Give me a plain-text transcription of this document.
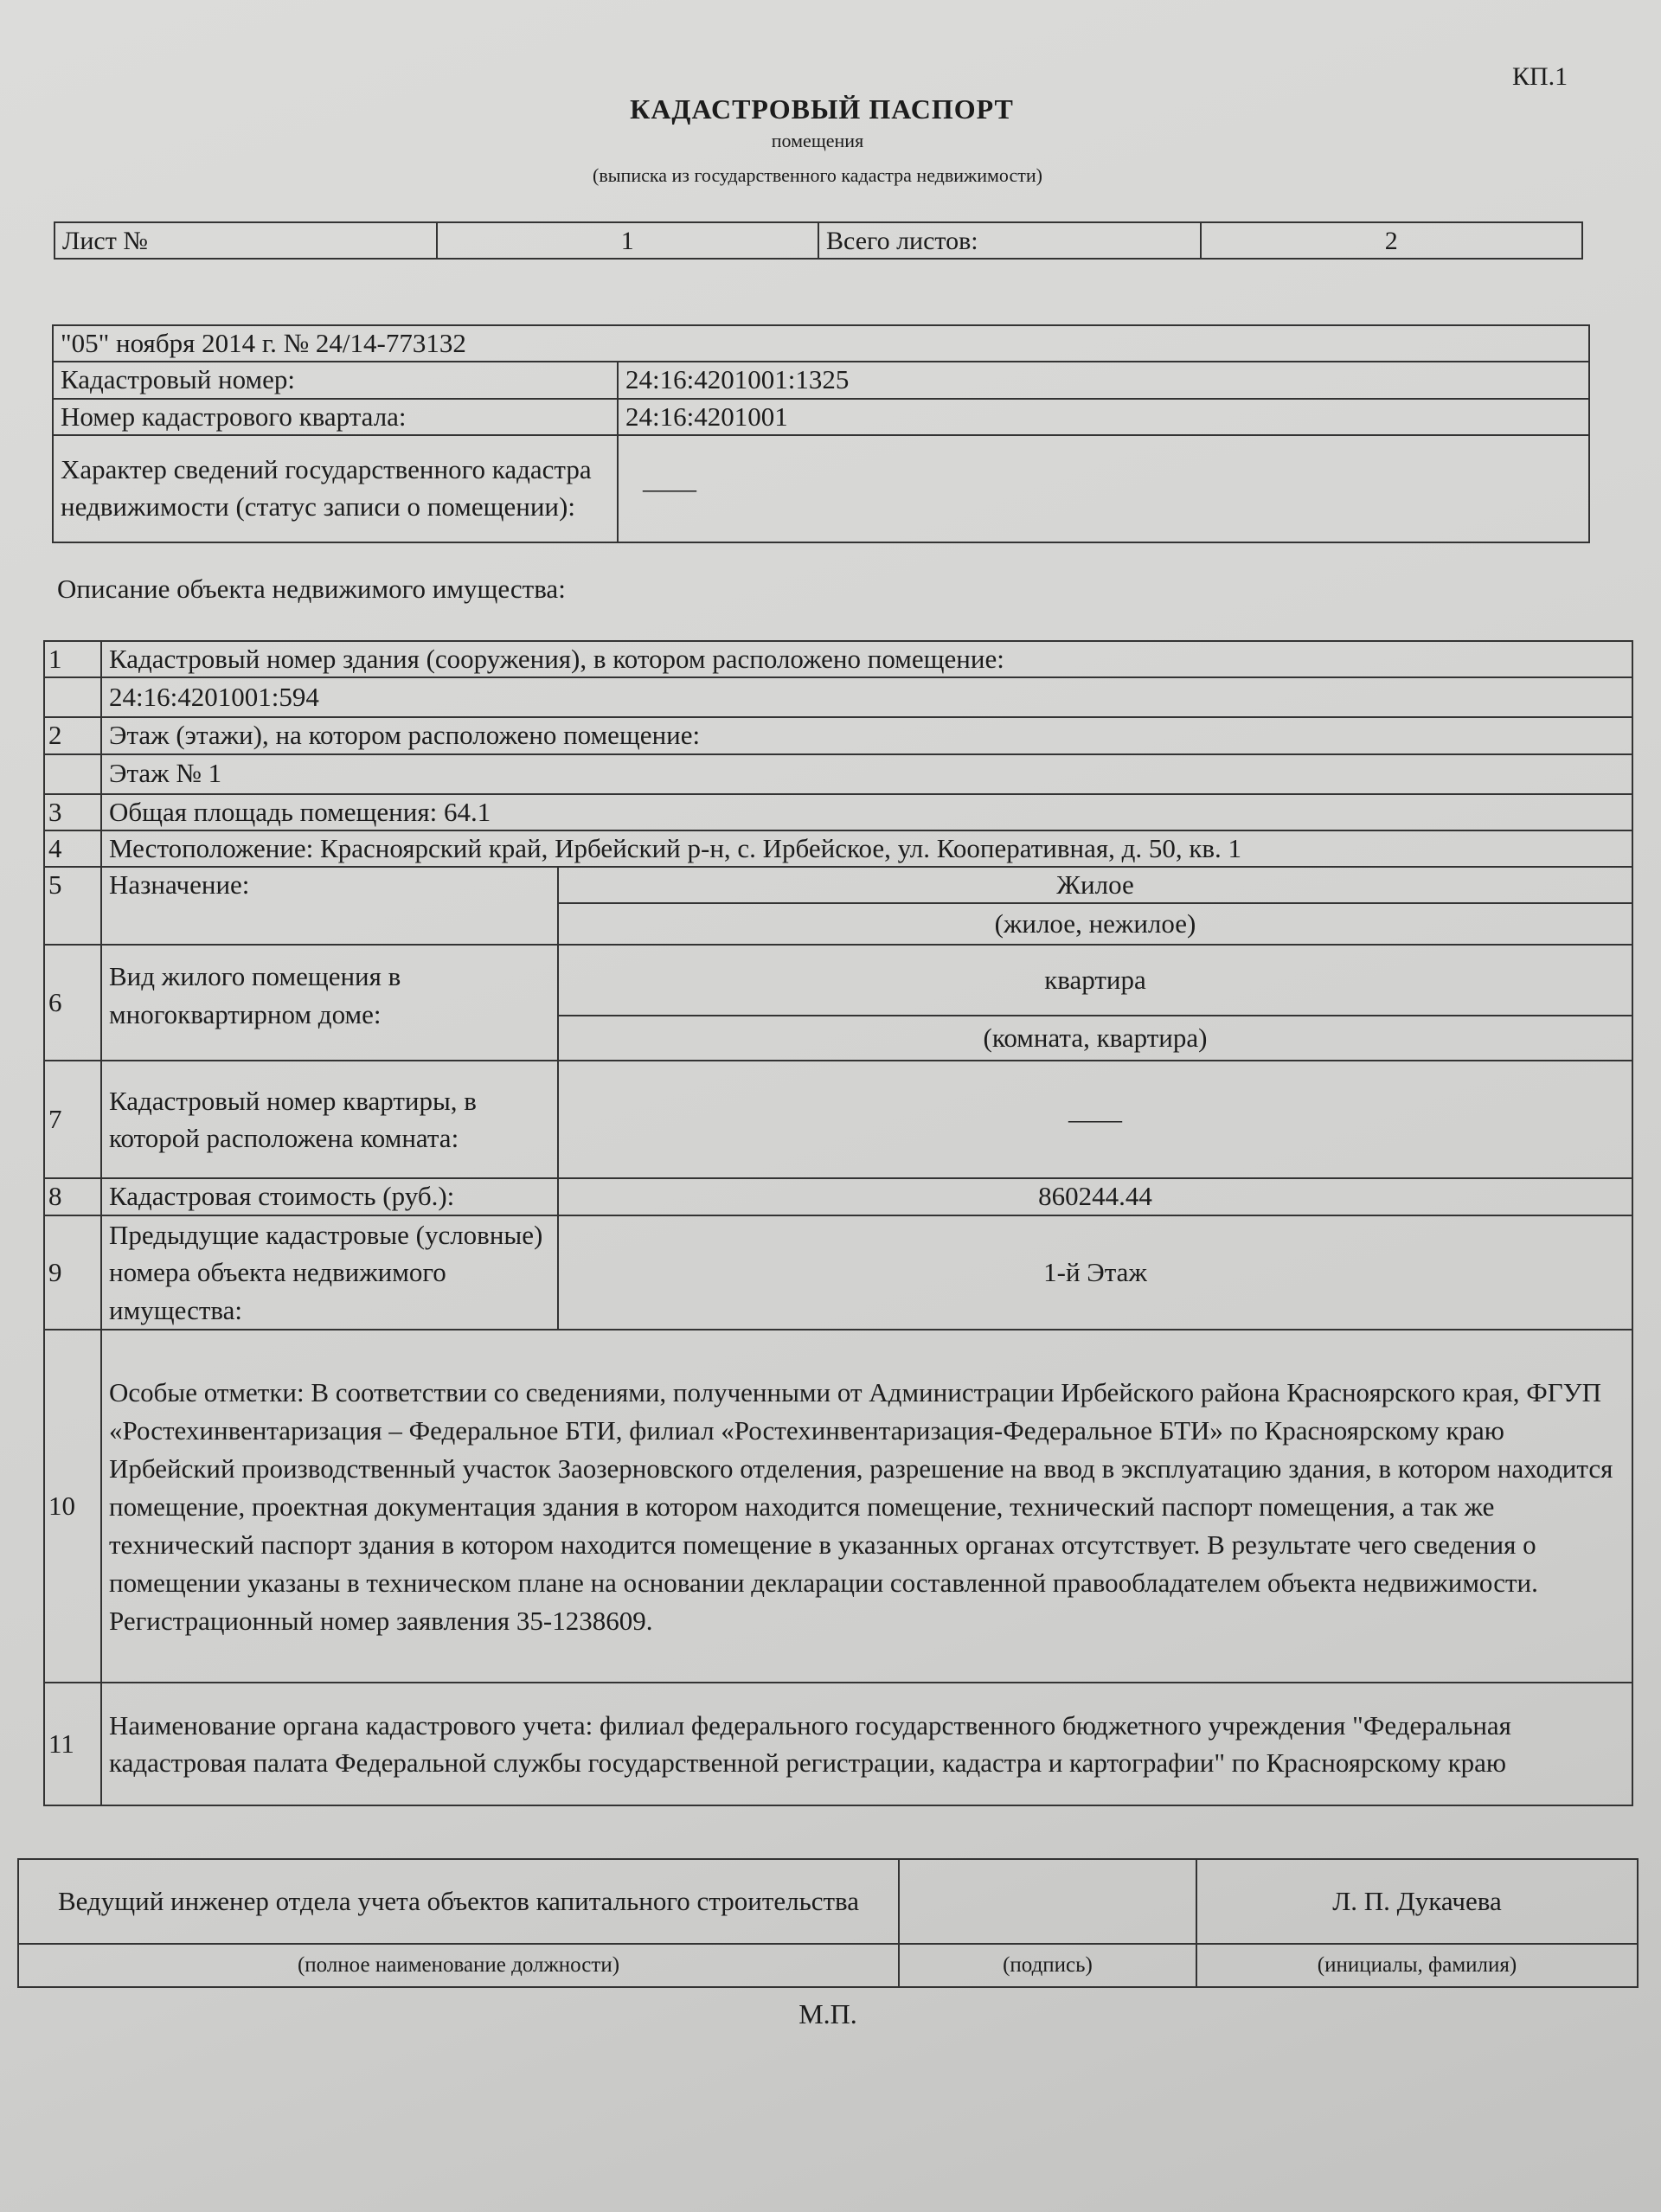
КП.1
КАДАСТРОВЫЙ ПАСПОРТ
помещения
(выписка из государственного кадастра недвижимости)
Лист №	1	Всего листов:	2
"05" ноября 2014 г. № 24/14-773132	
Кадастровый номер:	24:16:4201001:1325
Номер кадастрового квартала:	24:16:4201001
Характер сведений государственного кадастра недвижимости (статус записи о помещении):	——
Описание объекта недвижимого имущества:
1	Кадастровый номер здания (сооружения), в котором расположено помещение:	
	24:16:4201001:594	
2	Этаж (этажи), на котором расположено помещение:	
	Этаж № 1	
3	Общая площадь помещения: 64.1	
4	Местоположение: Красноярский край, Ирбейский р-н, с. Ирбейское, ул. Кооперативная, д. 50, кв. 1	
5	Назначение:	Жилое
		(жилое, нежилое)
6	Вид жилого помещения в многоквартирном доме:	квартира
		(комната, квартира)
7	Кадастровый номер квартиры, в которой расположена комната:	——
8	Кадастровая стоимость (руб.):	860244.44
9	Предыдущие кадастровые (условные) номера объекта недвижимого имущества:	1-й Этаж
10	Особые отметки: В соответствии со сведениями, полученными от Администрации Ирбейского района Красноярского края, ФГУП «Ростехинвентаризация – Федеральное БТИ, филиал «Ростехинвентаризация-Федеральное БТИ» по Красноярскому краю Ирбейский производственный участок Заозерновского отделения, разрешение на ввод в эксплуатацию здания, в котором находится помещение, проектная документация здания в котором находится помещение, технический паспорт помещения, а так же технический паспорт здания в котором находится помещение в указанных органах отсутствует. В результате чего сведения о помещении указаны в техническом плане на основании декларации составленной правообладателем объекта недвижимости.
Регистрационный номер заявления 35-1238609.	
11	Наименование органа кадастрового учета: филиал федерального государственного бюджетного учреждения "Федеральная кадастровая палата Федеральной службы государственной регистрации, кадастра и картографии" по Красноярскому краю	
Ведущий инженер отдела учета объектов капитального строительства		Л. П. Дукачева
(полное наименование должности)	(подпись)	(инициалы, фамилия)
М.П.
